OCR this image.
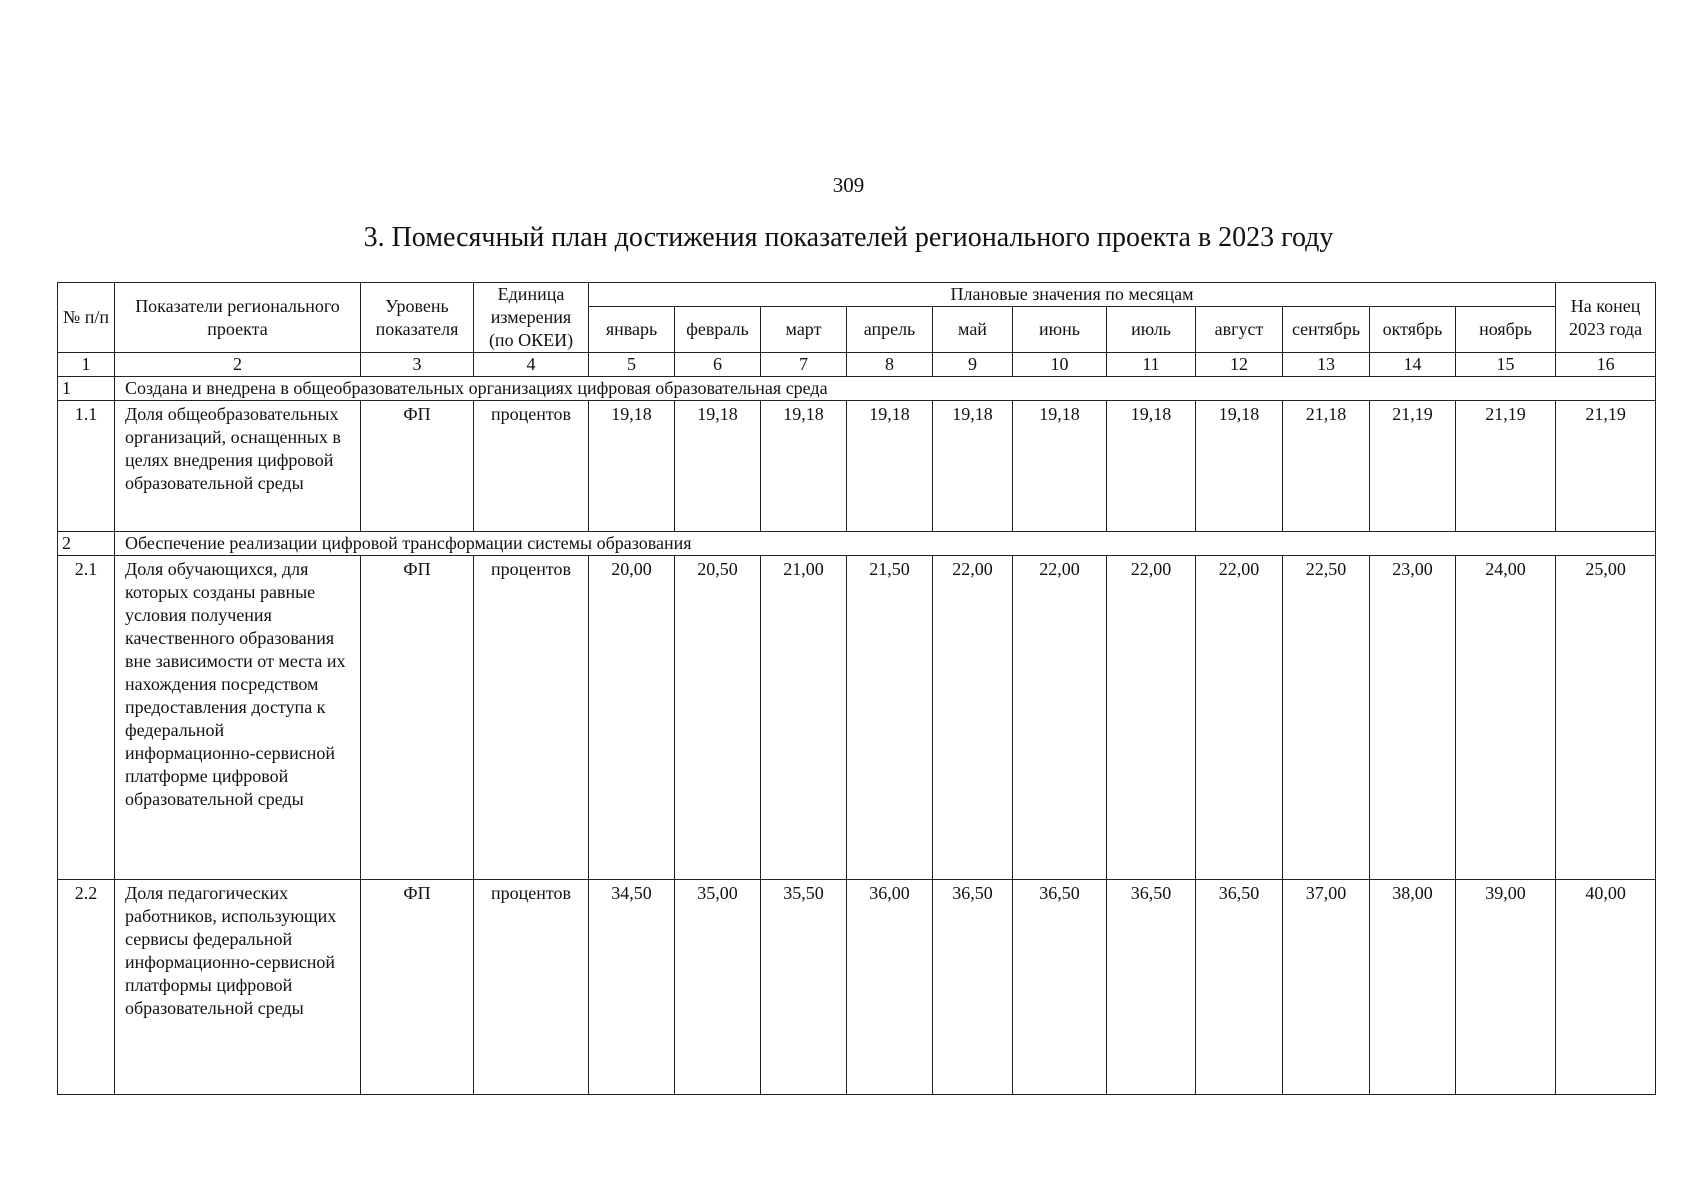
309
3. Помесячный план достижения показателей регионального проекта в 2023 году
№ п/п	Показатели регионального проекта	Уровень показателя	Единица измерения (по ОКЕИ)	Плановые значения по месяцам											На конец 2023 года
				январь	февраль	март	апрель	май	июнь	июль	август	сентябрь	октябрь	ноябрь	
1	2	3	4	5	6	7	8	9	10	11	12	13	14	15	16
1	Создана и внедрена в общеобразовательных организациях цифровая образовательная среда														
1.1	Доля общеобразовательных организаций, оснащенных в целях внедрения цифровой образовательной среды	ФП	процентов	19,18	19,18	19,18	19,18	19,18	19,18	19,18	19,18	21,18	21,19	21,19	21,19
2	Обеспечение реализации цифровой трансформации системы образования														
2.1	Доля обучающихся, для которых созданы равные условия получения качественного образования вне зависимости от места их нахождения посредством предоставления доступа к федеральной информационно-сервисной платформе цифровой образовательной среды	ФП	процентов	20,00	20,50	21,00	21,50	22,00	22,00	22,00	22,00	22,50	23,00	24,00	25,00
2.2	Доля педагогических работников, использующих сервисы федеральной информационно-сервисной платформы цифровой образовательной среды	ФП	процентов	34,50	35,00	35,50	36,00	36,50	36,50	36,50	36,50	37,00	38,00	39,00	40,00
